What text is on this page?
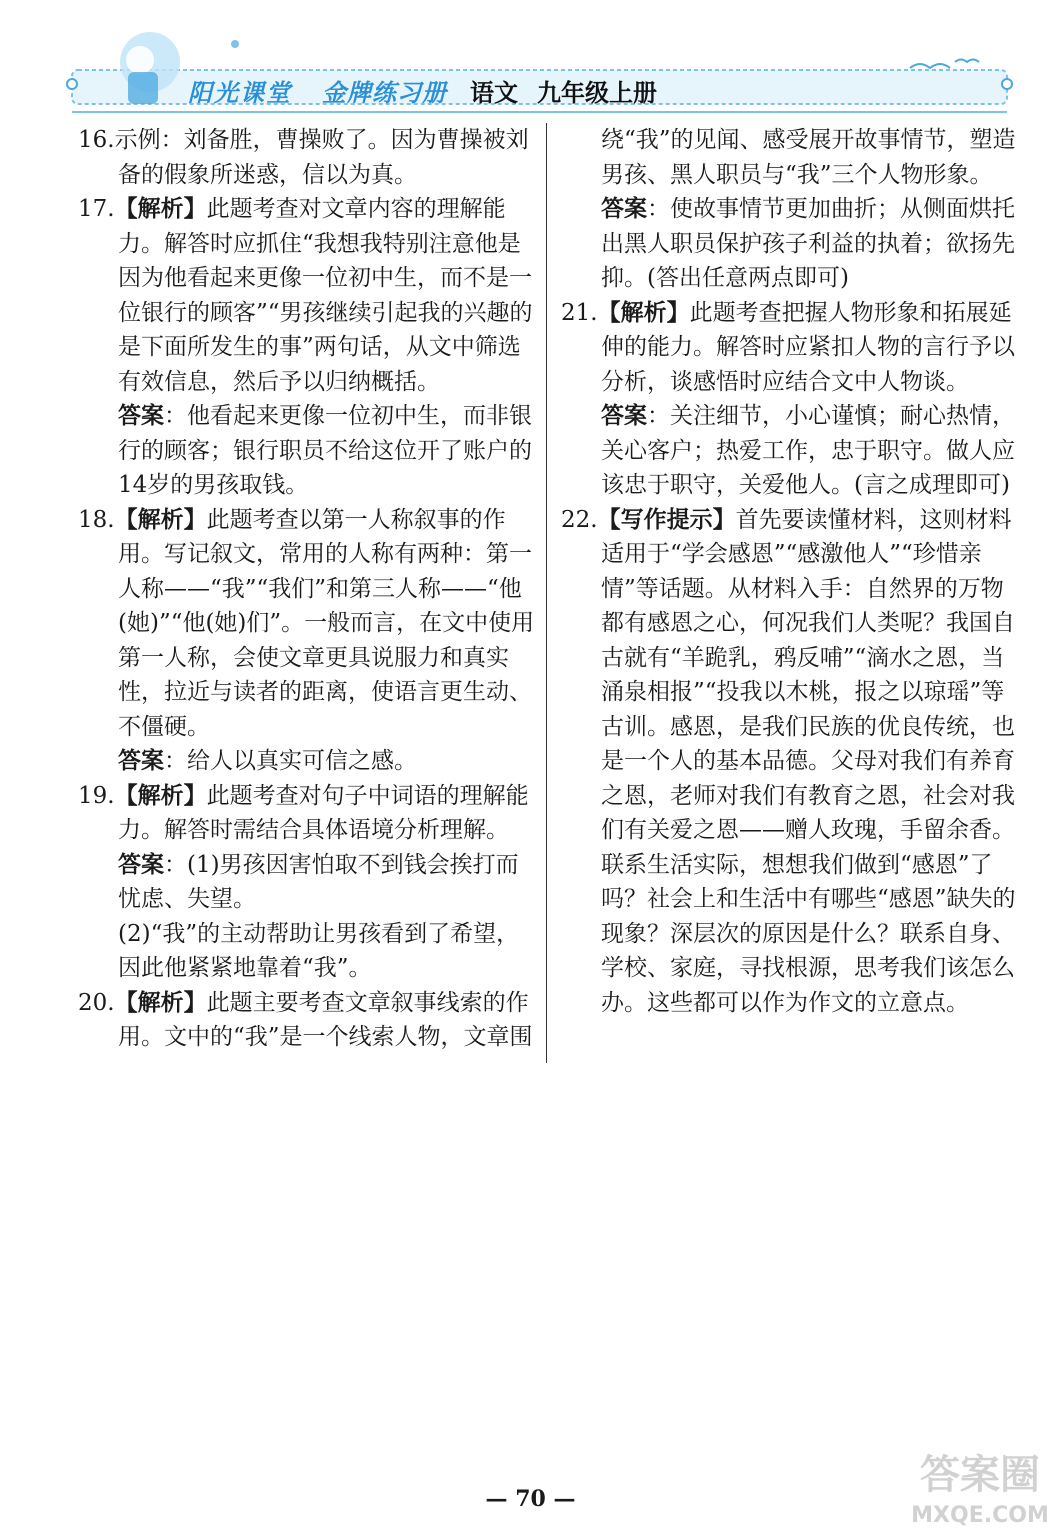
阳光课堂 金牌练习册 语文 九年级上册
16.示例：刘备胜，曹操败了。因为曹操被刘备的假象所迷惑，信以为真。
17.【解析】此题考查对文章内容的理解能力。解答时应抓住“我想我特别注意他是因为他看起来更像一位初中生，而不是一位银行的顾客”“男孩继续引起我的兴趣的是下面所发生的事”两句话，从文中筛选有效信息，然后予以归纳概括。
答案：他看起来更像一位初中生，而非银行的顾客；银行职员不给这位开了账户的14岁的男孩取钱。
18.【解析】此题考查以第一人称叙事的作用。写记叙文，常用的人称有两种：第一人称——“我”“我们”和第三人称——“他(她)”“他(她)们”。一般而言，在文中使用第一人称，会使文章更具说服力和真实性，拉近与读者的距离，使语言更生动、不僵硬。
答案：给人以真实可信之感。
19.【解析】此题考查对句子中词语的理解能力。解答时需结合具体语境分析理解。
答案：(1)男孩因害怕取不到钱会挨打而忧虑、失望。
(2)“我”的主动帮助让男孩看到了希望，因此他紧紧地靠着“我”。
20.【解析】此题主要考查文章叙事线索的作用。文中的“我”是一个线索人物，文章围
绕“我”的见闻、感受展开故事情节，塑造男孩、黑人职员与“我”三个人物形象。
答案：使故事情节更加曲折；从侧面烘托出黑人职员保护孩子利益的执着；欲扬先抑。(答出任意两点即可)
21.【解析】此题考查把握人物形象和拓展延伸的能力。解答时应紧扣人物的言行予以分析，谈感悟时应结合文中人物谈。
答案：关注细节，小心谨慎；耐心热情，关心客户；热爱工作，忠于职守。做人应该忠于职守，关爱他人。(言之成理即可)
22.【写作提示】首先要读懂材料，这则材料适用于“学会感恩”“感激他人”“珍惜亲情”等话题。从材料入手：自然界的万物都有感恩之心，何况我们人类呢？我国自古就有“羊跪乳，鸦反哺”“滴水之恩，当涌泉相报”“投我以木桃，报之以琼瑶”等古训。感恩，是我们民族的优良传统，也是一个人的基本品德。父母对我们有养育之恩，老师对我们有教育之恩，社会对我们有关爱之恩——赠人玫瑰，手留余香。联系生活实际，想想我们做到“感恩”了吗？社会上和生活中有哪些“感恩”缺失的现象？深层次的原因是什么？联系自身、学校、家庭，寻找根源，思考我们该怎么办。这些都可以作为作文的立意点。
— 70 —
答案圈
MXQE.COM
